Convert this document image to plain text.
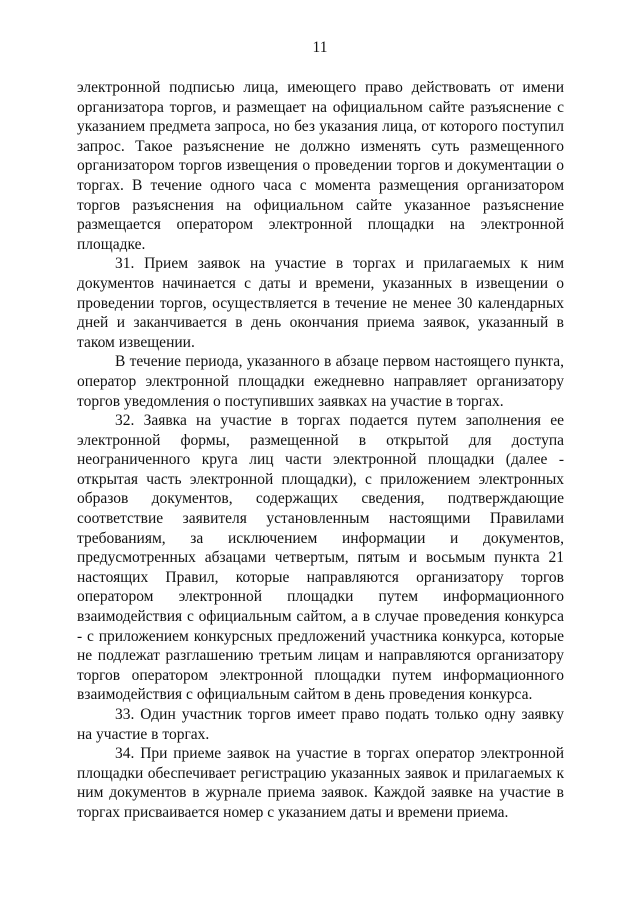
11

электронной подписью лица, имеющего право действовать от имени организатора торгов, и размещает на официальном сайте разъяснение с указанием предмета запроса, но без указания лица, от которого поступил запрос. Такое разъяснение не должно изменять суть размещенного организатором торгов извещения о проведении торгов и документации о торгах. В течение одного часа с момента размещения организатором торгов разъяснения на официальном сайте указанное разъяснение размещается оператором электронной площадки на электронной площадке.

31. Прием заявок на участие в торгах и прилагаемых к ним документов начинается с даты и времени, указанных в извещении о проведении торгов, осуществляется в течение не менее 30 календарных дней и заканчивается в день окончания приема заявок, указанный в таком извещении.

В течение периода, указанного в абзаце первом настоящего пункта, оператор электронной площадки ежедневно направляет организатору торгов уведомления о поступивших заявках на участие в торгах.

32. Заявка на участие в торгах подается путем заполнения ее электронной формы, размещенной в открытой для доступа неограниченного круга лиц части электронной площадки (далее - открытая часть электронной площадки), с приложением электронных образов документов, содержащих сведения, подтверждающие соответствие заявителя установленным настоящими Правилами требованиям, за исключением информации и документов, предусмотренных абзацами четвертым, пятым и восьмым пункта 21 настоящих Правил, которые направляются организатору торгов оператором электронной площадки путем информационного взаимодействия с официальным сайтом, а в случае проведения конкурса - с приложением конкурсных предложений участника конкурса, которые не подлежат разглашению третьим лицам и направляются организатору торгов оператором электронной площадки путем информационного взаимодействия с официальным сайтом в день проведения конкурса.

33. Один участник торгов имеет право подать только одну заявку на участие в торгах.

34. При приеме заявок на участие в торгах оператор электронной площадки обеспечивает регистрацию указанных заявок и прилагаемых к ним документов в журнале приема заявок. Каждой заявке на участие в торгах присваивается номер с указанием даты и времени приема.
